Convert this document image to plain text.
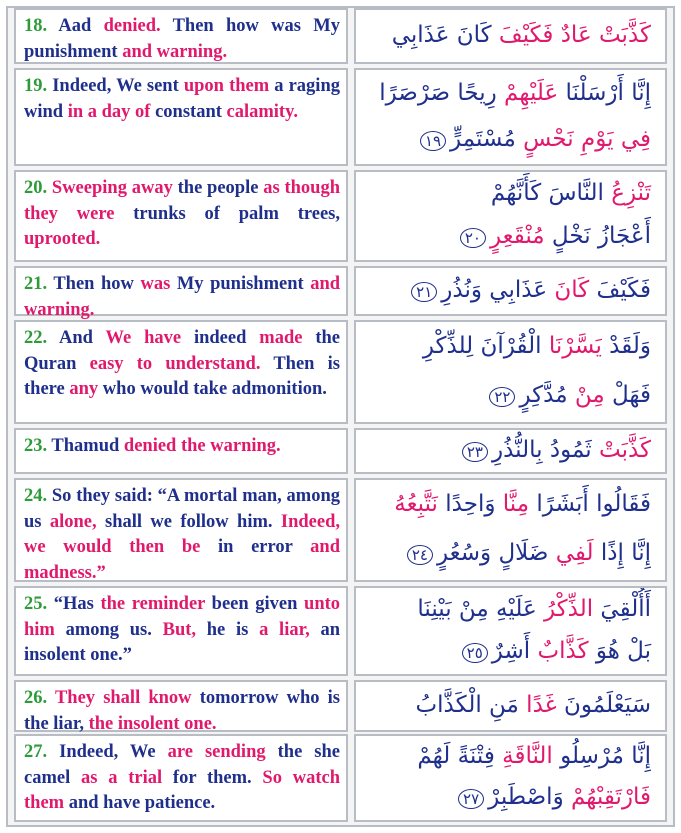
18. Aad denied. Then how was My punishment and warning.
كَذَّبَتْ عَادٌ فَكَيْفَ كَانَ عَذَابِي
19. Indeed, We sent upon them a raging wind in a day of constant calamity.
إِنَّا أَرْسَلْنَا عَلَيْهِمْ رِيحًا صَرْصَرًا
فِي يَوْمِ نَحْسٍ مُسْتَمِرٍّ١٩
20. Sweeping away the people as though they were trunks of palm trees, uprooted.
تَنْزِعُ النَّاسَ كَأَنَّهُمْ
أَعْجَازُ نَخْلٍ مُنْقَعِرٍ٢٠
21. Then how was My punishment and warning.
فَكَيْفَ كَانَ عَذَابِي وَنُذُرِ٢١
22. And We have indeed made the Quran easy to understand. Then is there any who would take admonition.
وَلَقَدْ يَسَّرْنَا الْقُرْآنَ لِلذِّكْرِ
فَهَلْ مِنْ مُدَّكِرٍ٢٢
23. Thamud denied the warning.	كَذَّبَتْ ثَمُودُ بِالنُّذُرِ٢٣
24. So they said: “A mortal man, among us alone, shall we follow him. Indeed, we would then be in error and madness.”
فَقَالُوا أَبَشَرًا مِنَّا وَاحِدًا نَتَّبِعُهُ
إِنَّا إِذًا لَفِي ضَلَالٍ وَسُعُرٍ٢٤
25. “Has the reminder been given unto him among us. But, he is a liar, an insolent one.”
أَأُلْقِيَ الذِّكْرُ عَلَيْهِ مِنْ بَيْنِنَا
بَلْ هُوَ كَذَّابٌ أَشِرٌ٢٥
26. They shall know tomorrow who is the liar, the insolent one.
سَيَعْلَمُونَ غَدًا مَنِ الْكَذَّابُ
27. Indeed, We are sending the she camel as a trial for them. So watch them and have patience.
إِنَّا مُرْسِلُو النَّاقَةِ فِتْنَةً لَهُمْ
فَارْتَقِبْهُمْ وَاصْطَبِرْ٢٧
